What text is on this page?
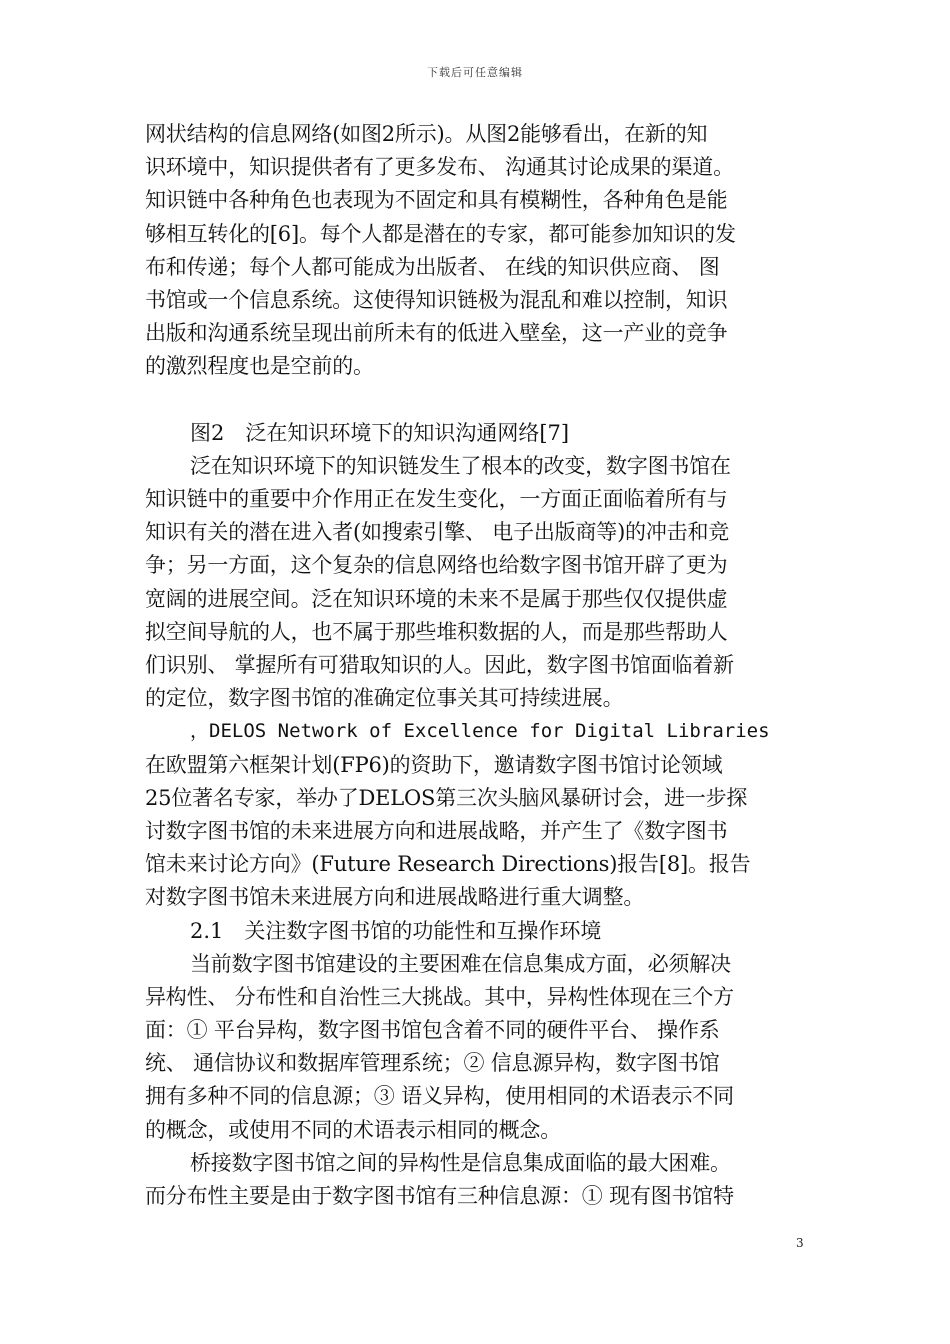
下载后可任意编辑
网状结构的信息网络(如图2所示)。从图2能够看出，在新的知
识环境中，知识提供者有了更多发布、 沟通其讨论成果的渠道。
知识链中各种角色也表现为不固定和具有模糊性，各种角色是能
够相互转化的[6]。每个人都是潜在的专家，都可能参加知识的发
布和传递；每个人都可能成为出版者、 在线的知识供应商、 图
书馆或一个信息系统。这使得知识链极为混乱和难以控制，知识
出版和沟通系统呈现出前所未有的低进入壁垒，这一产业的竞争
的激烈程度也是空前的。
图2　泛在知识环境下的知识沟通网络[7]
泛在知识环境下的知识链发生了根本的改变，数字图书馆在
知识链中的重要中介作用正在发生变化，一方面正面临着所有与
知识有关的潜在进入者(如搜索引擎、 电子出版商等)的冲击和竞
争；另一方面，这个复杂的信息网络也给数字图书馆开辟了更为
宽阔的进展空间。泛在知识环境的未来不是属于那些仅仅提供虚
拟空间导航的人，也不属于那些堆积数据的人，而是那些帮助人
们识别、 掌握所有可猎取知识的人。因此，数字图书馆面临着新
的定位，数字图书馆的准确定位事关其可持续进展。
，DELOS Network of Excellence for Digital Libraries
在欧盟第六框架计划(FP6)的资助下，邀请数字图书馆讨论领域
25位著名专家，举办了DELOS第三次头脑风暴研讨会，进一步探
讨数字图书馆的未来进展方向和进展战略，并产生了《数字图书
馆未来讨论方向》(Future Research Directions)报告[8]。报告
对数字图书馆未来进展方向和进展战略进行重大调整。
2.1　关注数字图书馆的功能性和互操作环境
当前数字图书馆建设的主要困难在信息集成方面，必须解决
异构性、 分布性和自治性三大挑战。其中，异构性体现在三个方
面：① 平台异构，数字图书馆包含着不同的硬件平台、 操作系
统、 通信协议和数据库管理系统；② 信息源异构，数字图书馆
拥有多种不同的信息源；③ 语义异构，使用相同的术语表示不同
的概念，或使用不同的术语表示相同的概念。
桥接数字图书馆之间的异构性是信息集成面临的最大困难。
而分布性主要是由于数字图书馆有三种信息源：① 现有图书馆特
3
